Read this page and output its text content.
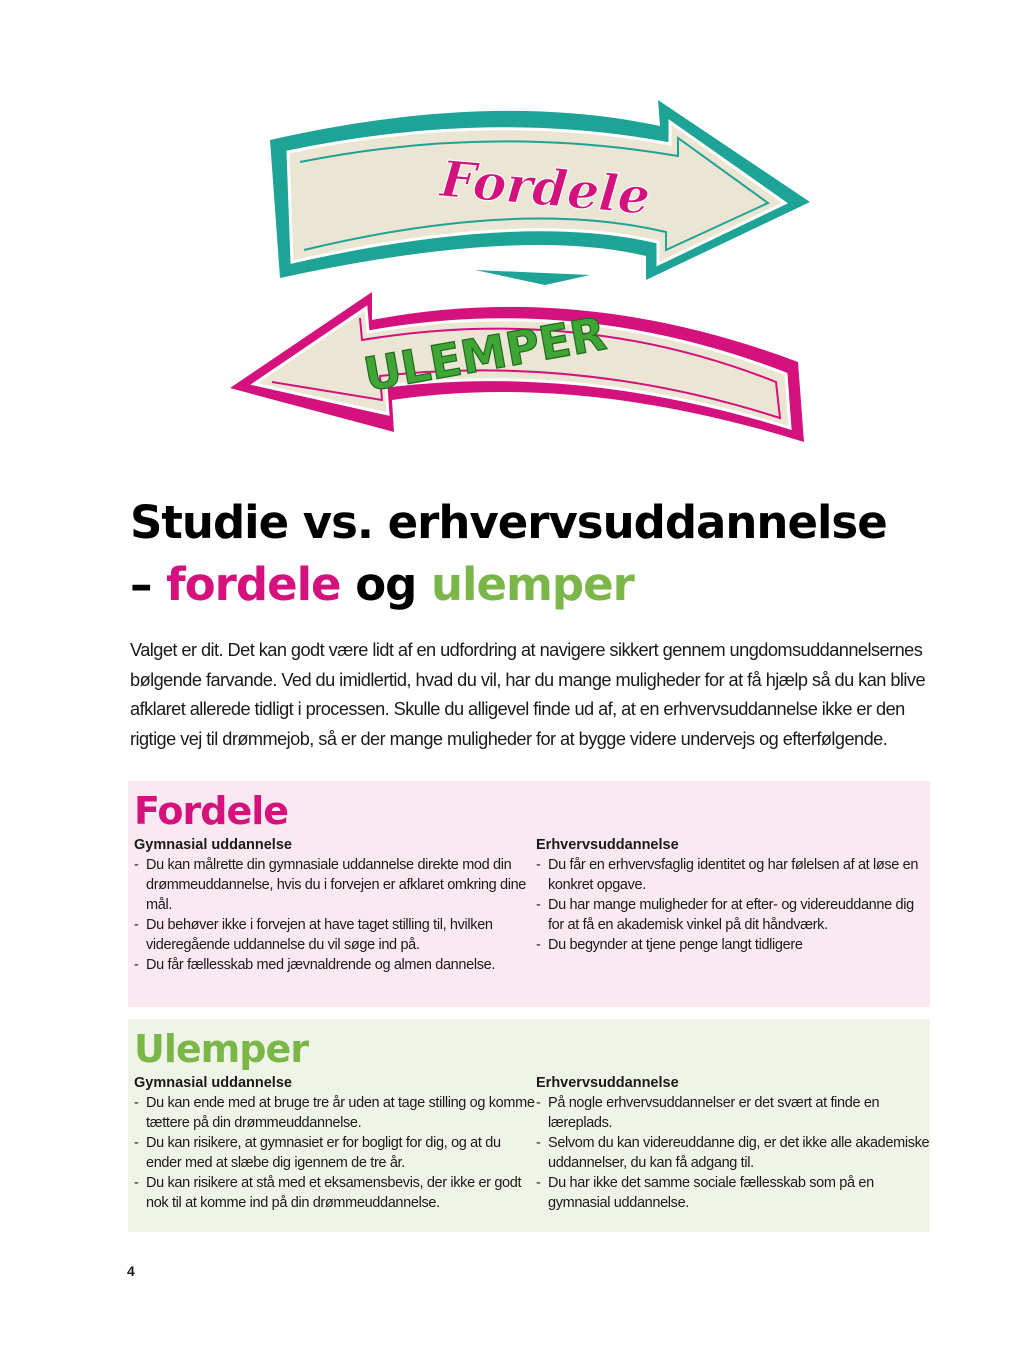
Fordele
ULEMPER
Studie vs. erhvervsuddannelse
– fordele og ulemper

Valget er dit. Det kan godt være lidt af en udfordring at navigere sikkert gennem ungdomsuddannelsernes bølgende farvande. Ved du imidlertid, hvad du vil, har du mange muligheder for at få hjælp så du kan blive afklaret allerede tidligt i processen. Skulle du alligevel finde ud af, at en erhvervsuddannelse ikke er den rigtige vej til drømmejob, så er der mange muligheder for at bygge videre undervejs og efterfølgende.

Fordele
Gymnasial uddannelse
- Du kan målrette din gymnasiale uddannelse direkte mod din drømmeuddannelse, hvis du i forvejen er afklaret omkring dine mål.
- Du behøver ikke i forvejen at have taget stilling til, hvilken videregående uddannelse du vil søge ind på.
- Du får fællesskab med jævnaldrende og almen dannelse.
Erhvervsuddannelse
- Du får en erhvervsfaglig identitet og har følelsen af at løse en konkret opgave.
- Du har mange muligheder for at efter- og videreuddanne dig for at få en akademisk vinkel på dit håndværk.
- Du begynder at tjene penge langt tidligere
Ulemper
Gymnasial uddannelse
- Du kan ende med at bruge tre år uden at tage stilling og komme tættere på din drømmeuddannelse.
- Du kan risikere, at gymnasiet er for bogligt for dig, og at du ender med at slæbe dig igennem de tre år.
- Du kan risikere at stå med et eksamensbevis, der ikke er godt nok til at komme ind på din drømmeuddannelse.
Erhvervsuddannelse
- På nogle erhvervsuddannelser er det svært at finde en læreplads.
- Selvom du kan videreuddanne dig, er det ikke alle akademiske uddannelser, du kan få adgang til.
- Du har ikke det samme sociale fællesskab som på en gymnasial uddannelse.
4
